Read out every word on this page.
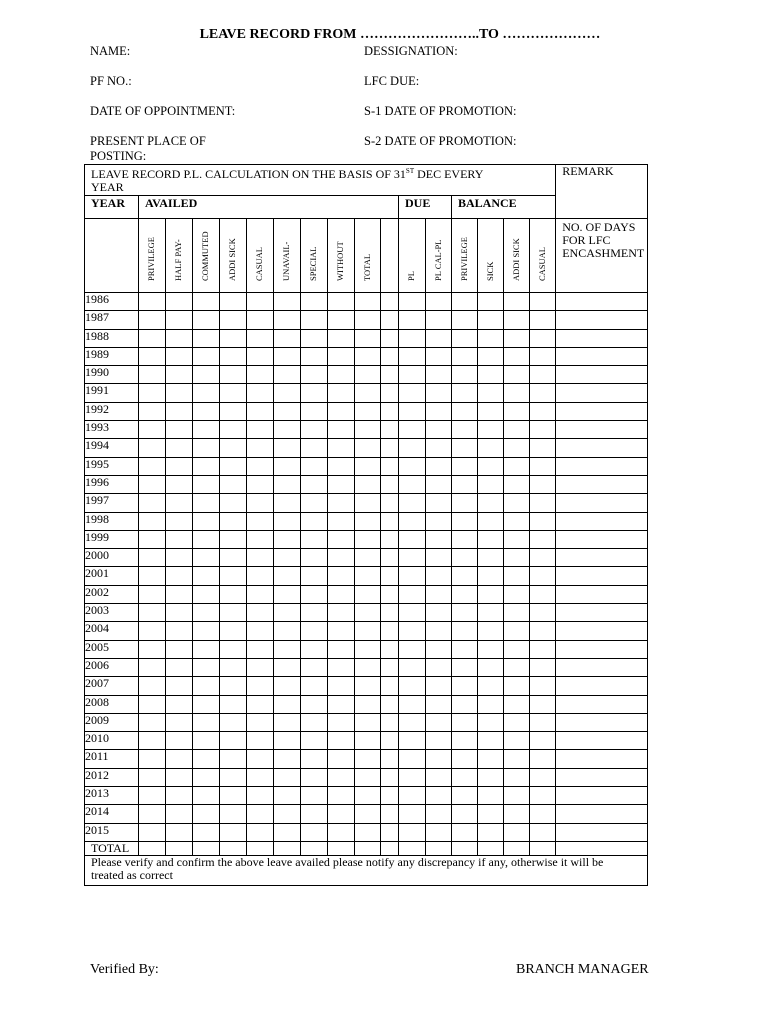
LEAVE RECORD FROM ……………………..TO …………………
NAME:	DESSIGNATION:
PF NO.:	LFC DUE:
DATE OF OPPOINTMENT:	S-1 DATE OF PROMOTION:
PRESENT PLACE OF
POSTING:
S-2 DATE OF PROMOTION:
LEAVE RECORD P.L. CALCULATION ON THE BASIS OF 31ST DEC EVERY
YEAR																	REMARK
YEAR	AVAILED										DUE		BALANCE				

	PRIVILEGE	HALF PAY-	COMMUTED	ADDI SICK	CASUAL	UNAVAIL-	SPECIAL	WITHOUT	TOTAL		PL	PL CAL-PL	PRIVILEGE	SICK	ADDI SICK	CASUAL	NO. OF DAYS
FOR LFC
ENCASHMENT

1986																	
1987																	
1988																	
1989																	
1990																	
1991																	
1992																	
1993																	
1994																	
1995																	
1996																	
1997																	
1998																	
1999																	
2000																	
2001																	
2002																	
2003																	
2004																	
2005																	
2006																	
2007																	
2008																	
2009																	
2010																	
2011																	
2012																	
2013																	
2014																	
2015																	
TOTAL																	

Please verify and confirm the above leave availed please notify any discrepancy if any, otherwise it will be
treated as correct																	
Verified By:	BRANCH MANAGER
